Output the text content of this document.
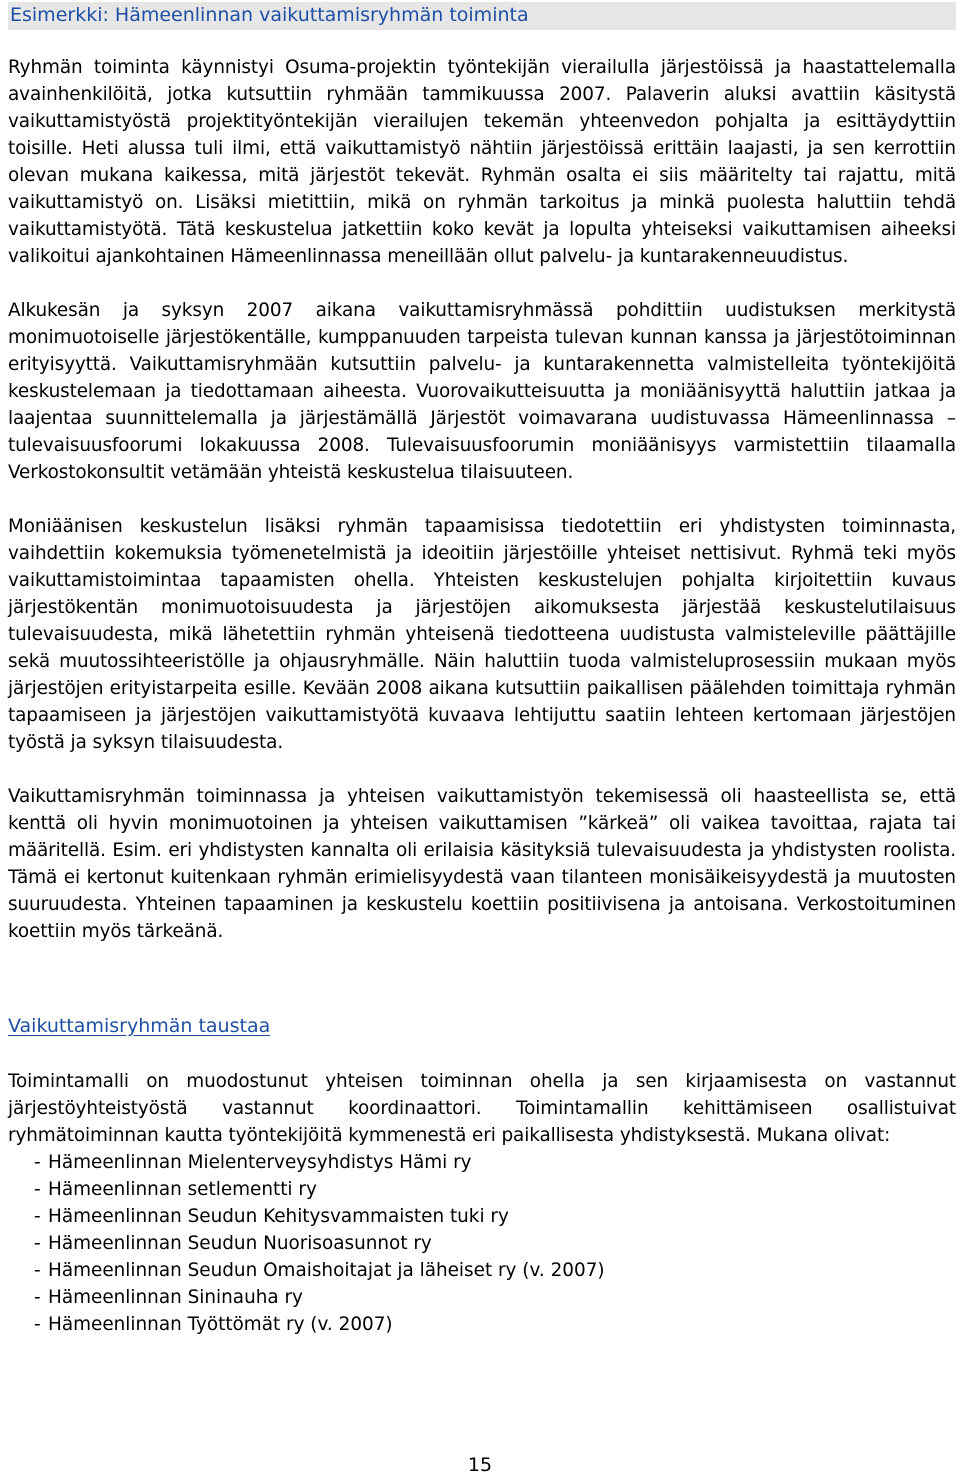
Esimerkki: Hämeenlinnan vaikuttamisryhmän toiminta

Ryhmän toiminta käynnistyi Osuma-projektin työntekijän vierailulla järjestöissä ja haastattelemalla avainhenkilöitä, jotka kutsuttiin ryhmään tammikuussa 2007. Palaverin aluksi avattiin käsitystä vaikuttamistyöstä projektityöntekijän vierailujen tekemän yhteenvedon pohjalta ja esittäydyttiin toisille. Heti alussa tuli ilmi, että vaikuttamistyö nähtiin järjestöissä erittäin laajasti, ja sen kerrottiin olevan mukana kaikessa, mitä järjestöt tekevät. Ryhmän osalta ei siis määritelty tai rajattu, mitä vaikuttamistyö on. Lisäksi mietittiin, mikä on ryhmän tarkoitus ja minkä puolesta haluttiin tehdä vaikuttamistyötä. Tätä keskustelua jatkettiin koko kevät ja lopulta yhteiseksi vaikuttamisen aiheeksi valikoitui ajankohtainen Hämeenlinnassa meneillään ollut palvelu- ja kuntarakenneuudistus.

Alkukesän ja syksyn 2007 aikana vaikuttamisryhmässä pohdittiin uudistuksen merkitystä monimuotoiselle järjestökentälle, kumppanuuden tarpeista tulevan kunnan kanssa ja järjestötoiminnan erityisyyttä. Vaikuttamisryhmään kutsuttiin palvelu- ja kuntarakennetta valmistelleita työntekijöitä keskustelemaan ja tiedottamaan aiheesta. Vuorovaikutteisuutta ja moniäänisyyttä haluttiin jatkaa ja laajentaa suunnittelemalla ja järjestämällä Järjestöt voimavarana uudistuvassa Hämeenlinnassa – tulevaisuusfoorumi lokakuussa 2008. Tulevaisuusfoorumin moniäänisyys varmistettiin tilaamalla Verkostokonsultit vetämään yhteistä keskustelua tilaisuuteen.

Moniäänisen keskustelun lisäksi ryhmän tapaamisissa tiedotettiin eri yhdistysten toiminnasta, vaihdettiin kokemuksia työmenetelmistä ja ideoitiin järjestöille yhteiset nettisivut. Ryhmä teki myös vaikuttamistoimintaa tapaamisten ohella. Yhteisten keskustelujen pohjalta kirjoitettiin kuvaus järjestökentän monimuotoisuudesta ja järjestöjen aikomuksesta järjestää keskustelutilaisuus tulevaisuudesta, mikä lähetettiin ryhmän yhteisenä tiedotteena uudistusta valmisteleville päättäjille sekä muutossihteeristölle ja ohjausryhmälle. Näin haluttiin tuoda valmisteluprosessiin mukaan myös järjestöjen erityistarpeita esille. Kevään 2008 aikana kutsuttiin paikallisen päälehden toimittaja ryhmän tapaamiseen ja järjestöjen vaikuttamistyötä kuvaava lehtijuttu saatiin lehteen kertomaan järjestöjen työstä ja syksyn tilaisuudesta.

Vaikuttamisryhmän toiminnassa ja yhteisen vaikuttamistyön tekemisessä oli haasteellista se, että kenttä oli hyvin monimuotoinen ja yhteisen vaikuttamisen ”kärkeä” oli vaikea tavoittaa, rajata tai määritellä. Esim. eri yhdistysten kannalta oli erilaisia käsityksiä tulevaisuudesta ja yhdistysten roolista. Tämä ei kertonut kuitenkaan ryhmän erimielisyydestä vaan tilanteen monisäikeisyydestä ja muutosten suuruudesta. Yhteinen tapaaminen ja keskustelu koettiin positiivisena ja antoisana. Verkostoituminen koettiin myös tärkeänä.

Vaikuttamisryhmän taustaa

Toimintamalli on muodostunut yhteisen toiminnan ohella ja sen kirjaamisesta on vastannut järjestöyhteistyöstä vastannut koordinaattori. Toimintamallin kehittämiseen osallistuivat ryhmätoiminnan kautta työntekijöitä kymmenestä eri paikallisesta yhdistyksestä. Mukana olivat:

- Hämeenlinnan Mielenterveysyhdistys Hämi ry
- Hämeenlinnan setlementti ry
- Hämeenlinnan Seudun Kehitysvammaisten tuki ry
- Hämeenlinnan Seudun Nuorisoasunnot ry
- Hämeenlinnan Seudun Omaishoitajat ja läheiset ry (v. 2007)
- Hämeenlinnan Sininauha ry
- Hämeenlinnan Työttömät ry (v. 2007)
15
